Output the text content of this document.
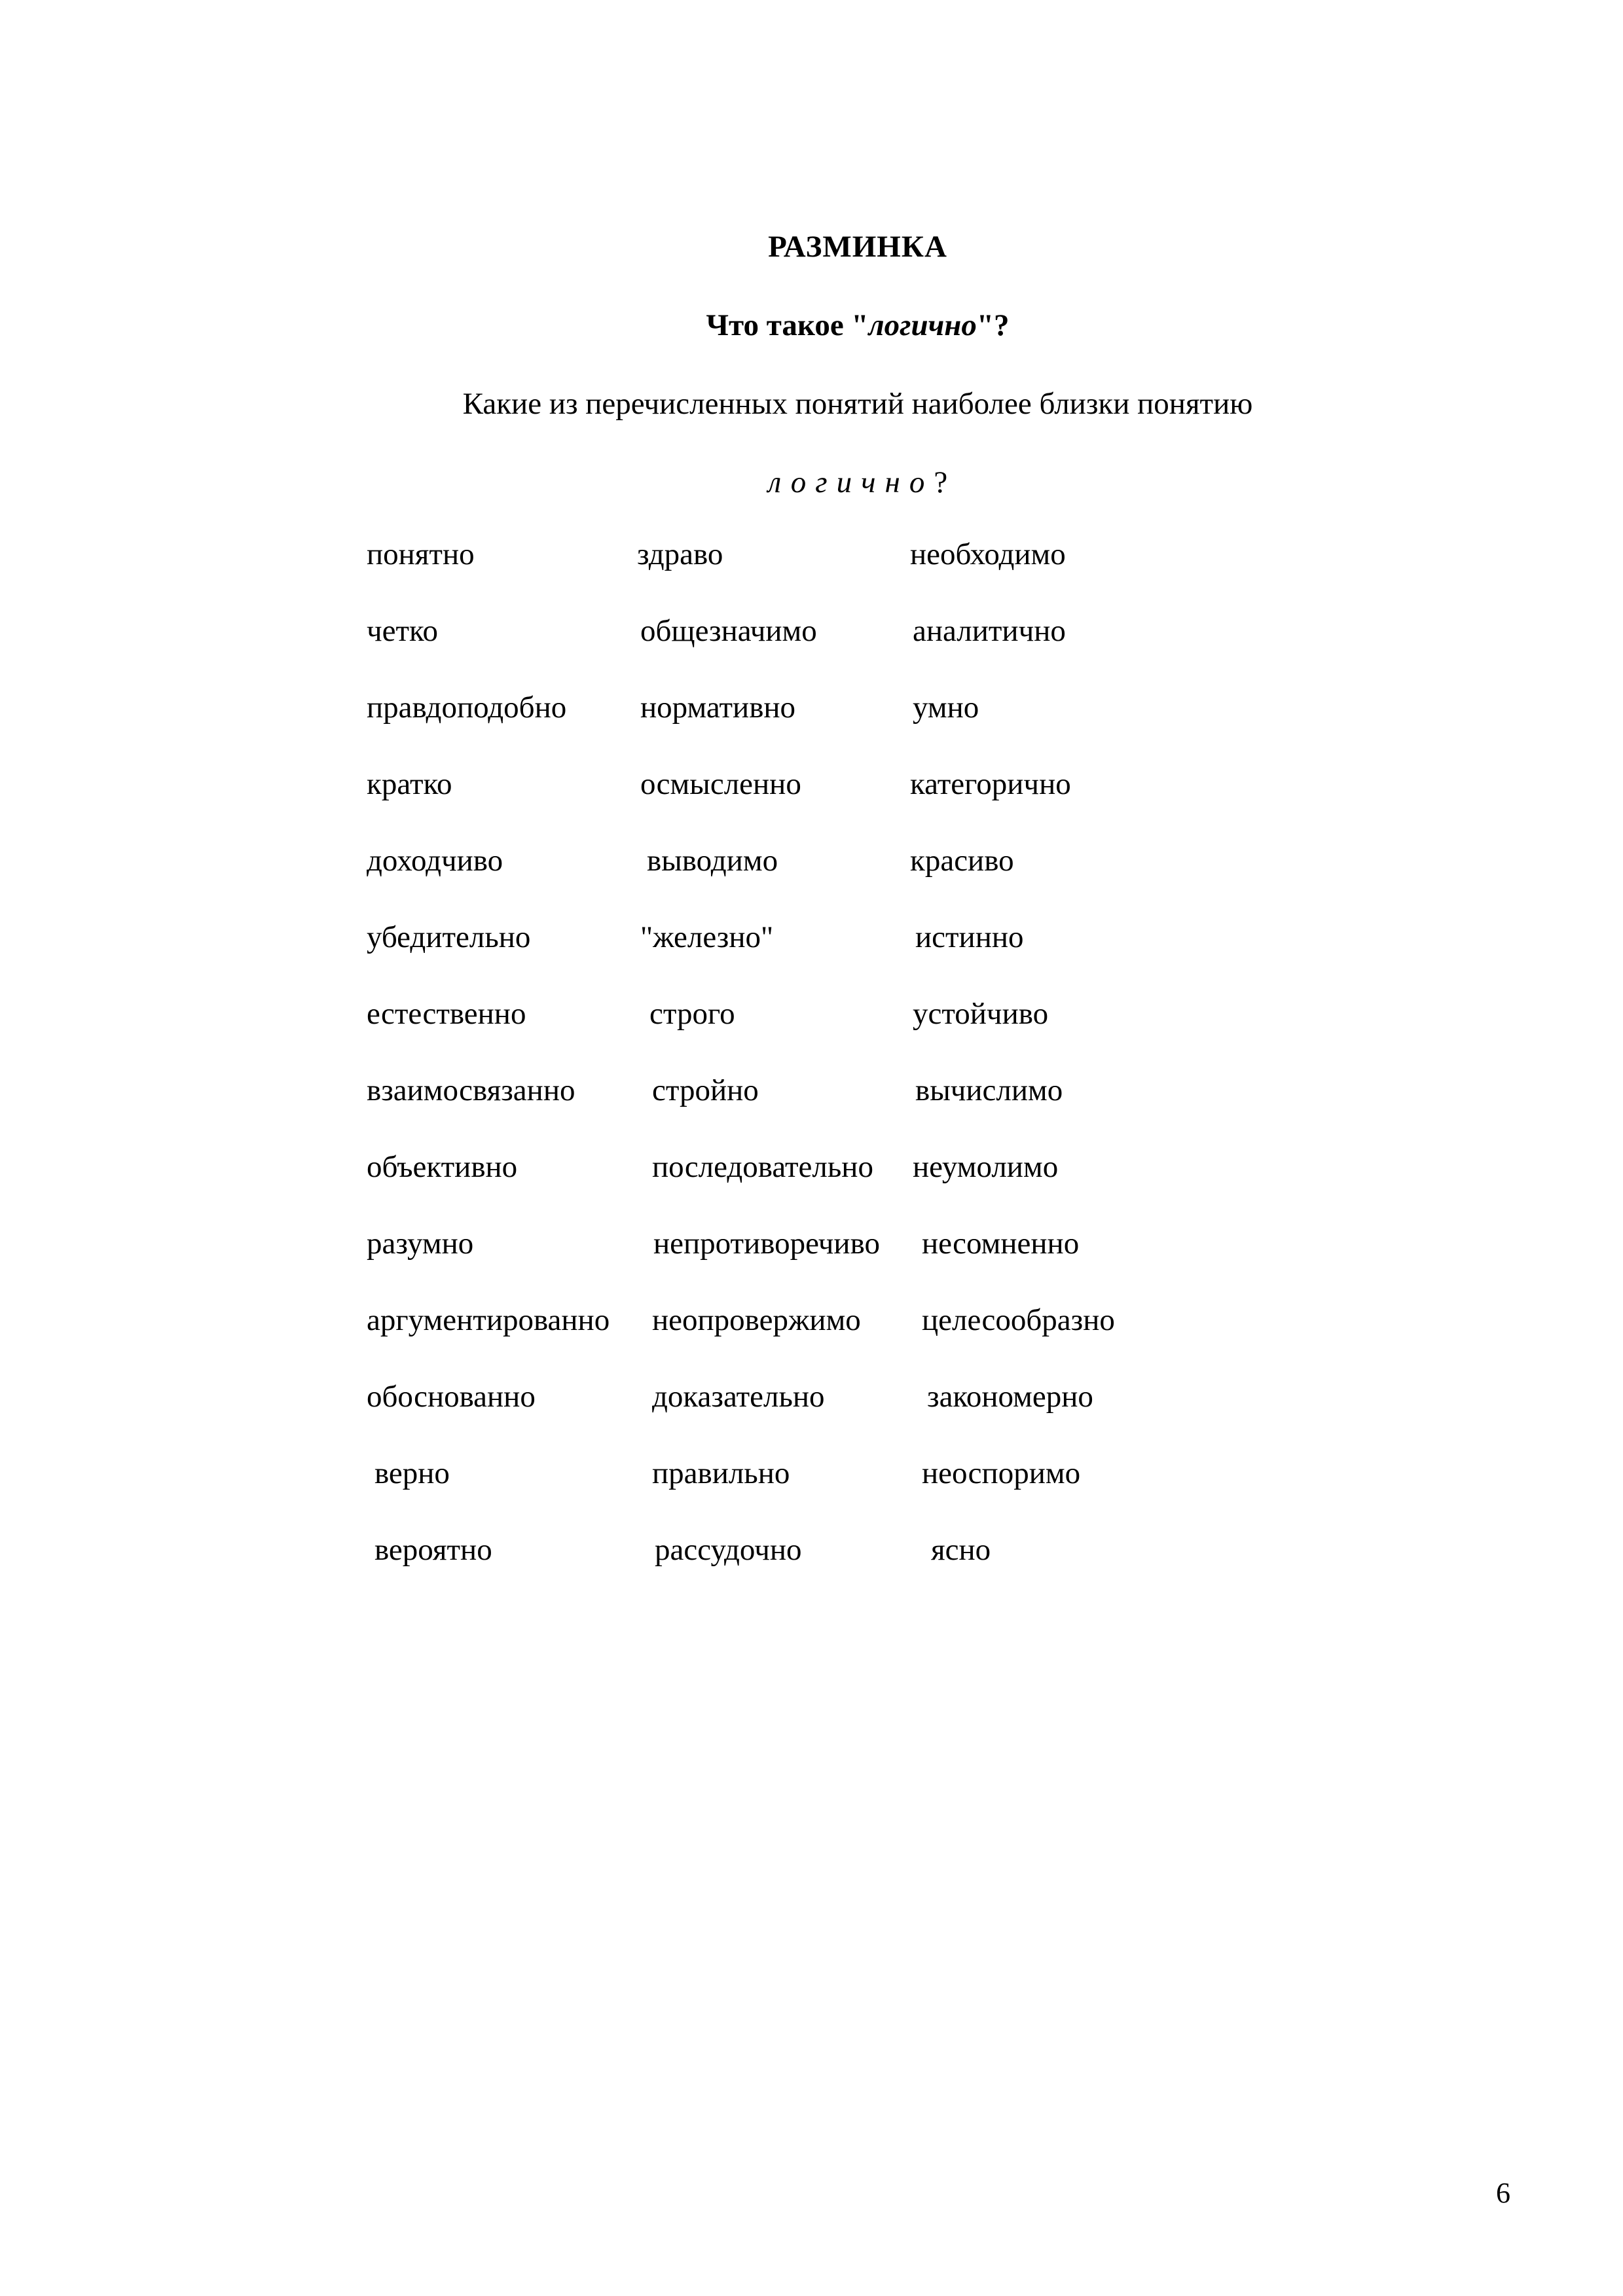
РАЗМИНКА
Что такое "логично"?
Какие из перечисленных понятий наиболее близки понятию
логично?
понятно	здраво	необходимо
четко	общезначимо	аналитично
правдоподобно нормативно	умно
кратко	осмысленно	категорично
доходчиво	выводимо	красиво
убедительно	"железно"	истинно
естественно	строго	устойчиво
взаимосвязанно	стройно	вычислимо
объективно	последовательно неумолимо
разумно	непротиворечиво несомненно
аргументированно неопровержимо целесообразно
обоснованно	доказательно	закономерно
верно	правильно	неоспоримо
вероятно	рассудочно	ясно
6
